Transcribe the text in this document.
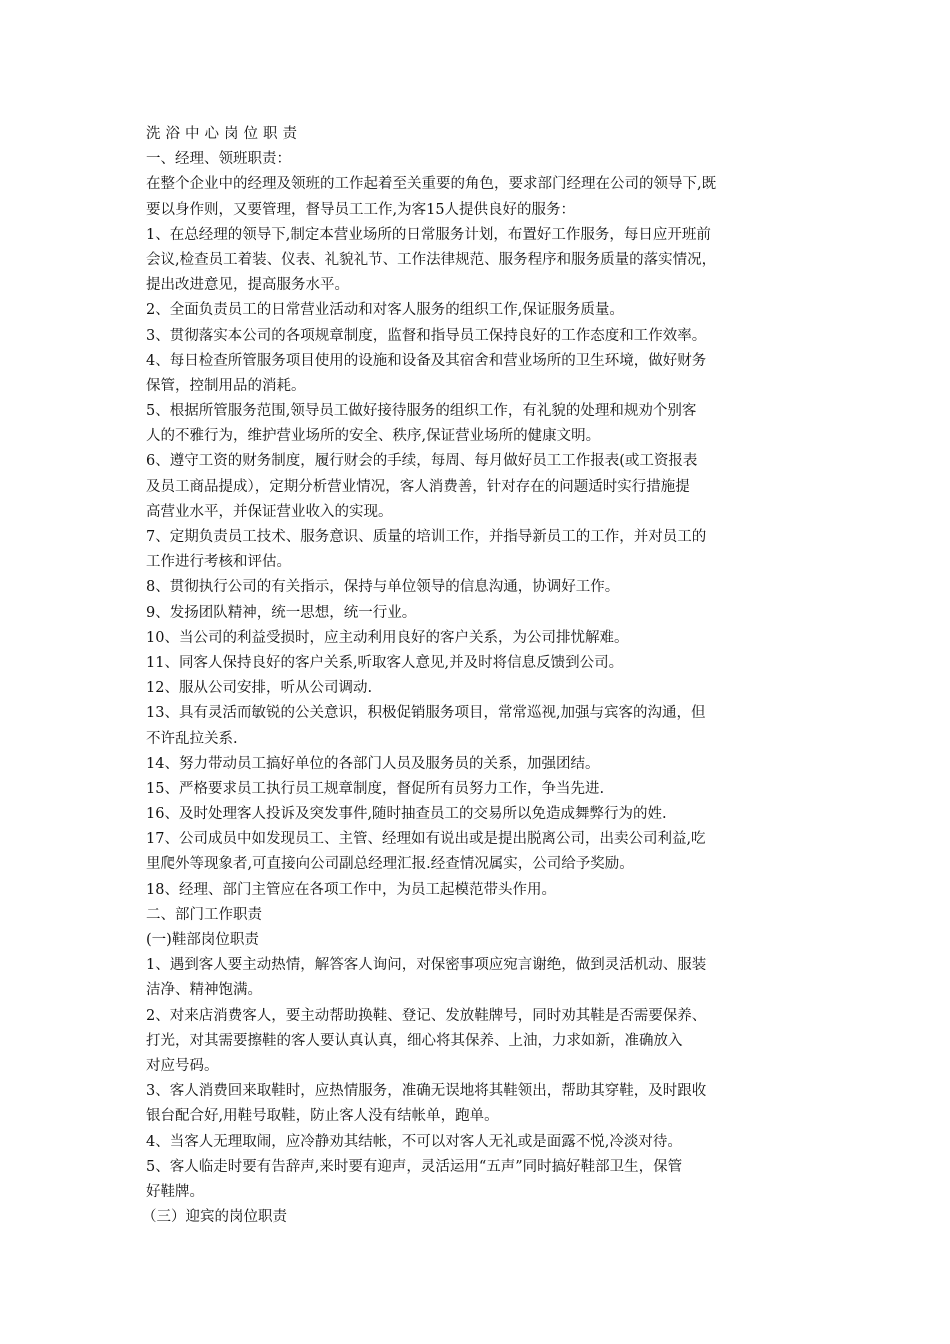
洗浴中心岗位职责
一、经理、领班职责：
在整个企业中的经理及领班的工作起着至关重要的角色，要求部门经理在公司的领导下,既
要以身作则，又要管理，督导员工工作,为客15人提供良好的服务：
1、在总经理的领导下,制定本营业场所的日常服务计划，布置好工作服务，每日应开班前
会议,检查员工着装、仪表、礼貌礼节、工作法律规范、服务程序和服务质量的落实情况，
提出改进意见，提高服务水平。
2、全面负责员工的日常营业活动和对客人服务的组织工作,保证服务质量。
3、贯彻落实本公司的各项规章制度，监督和指导员工保持良好的工作态度和工作效率。
4、每日检查所管服务项目使用的设施和设备及其宿舍和营业场所的卫生环境，做好财务
保管，控制用品的消耗。
5、根据所管服务范围,领导员工做好接待服务的组织工作，有礼貌的处理和规劝个别客
人的不雅行为，维护营业场所的安全、秩序,保证营业场所的健康文明。
6、遵守工资的财务制度，履行财会的手续，每周、每月做好员工工作报表(或工资报表
及员工商品提成），定期分析营业情况，客人消费善，针对存在的问题适时实行措施提
高营业水平，并保证营业收入的实现。
7、定期负责员工技术、服务意识、质量的培训工作，并指导新员工的工作，并对员工的
工作进行考核和评估。
8、贯彻执行公司的有关指示，保持与单位领导的信息沟通，协调好工作。
9、发扬团队精神，统一思想，统一行业。
10、当公司的利益受损时，应主动利用良好的客户关系，为公司排忧解难。
11、同客人保持良好的客户关系,听取客人意见,并及时将信息反馈到公司。
12、服从公司安排，听从公司调动.
13、具有灵活而敏锐的公关意识，积极促销服务项目，常常巡视,加强与宾客的沟通，但
不许乱拉关系.
14、努力带动员工搞好单位的各部门人员及服务员的关系，加强团结。
15、严格要求员工执行员工规章制度，督促所有员努力工作，争当先进.
16、及时处理客人投诉及突发事件,随时抽查员工的交易所以免造成舞弊行为的姓.
17、公司成员中如发现员工、主管、经理如有说出或是提出脱离公司，出卖公司利益,吃
里爬外等现象者,可直接向公司副总经理汇报.经查情况属实，公司给予奖励。
18、经理、部门主管应在各项工作中，为员工起模范带头作用。
二、部门工作职责
(一)鞋部岗位职责
1、遇到客人要主动热情，解答客人询问，对保密事项应宛言谢绝，做到灵活机动、服装
洁净、精神饱满。
2、对来店消费客人，要主动帮助换鞋、登记、发放鞋牌号，同时劝其鞋是否需要保养、
打光，对其需要擦鞋的客人要认真认真，细心将其保养、上油，力求如新，准确放入
对应号码。
3、客人消费回来取鞋时，应热情服务，准确无误地将其鞋领出，帮助其穿鞋，及时跟收
银台配合好,用鞋号取鞋，防止客人没有结帐单，跑单。
4、当客人无理取闹，应冷静劝其结帐，不可以对客人无礼或是面露不悦,冷淡对待。
5、客人临走时要有告辞声,来时要有迎声，灵活运用“五声”同时搞好鞋部卫生，保管
好鞋牌。
（三）迎宾的岗位职责
